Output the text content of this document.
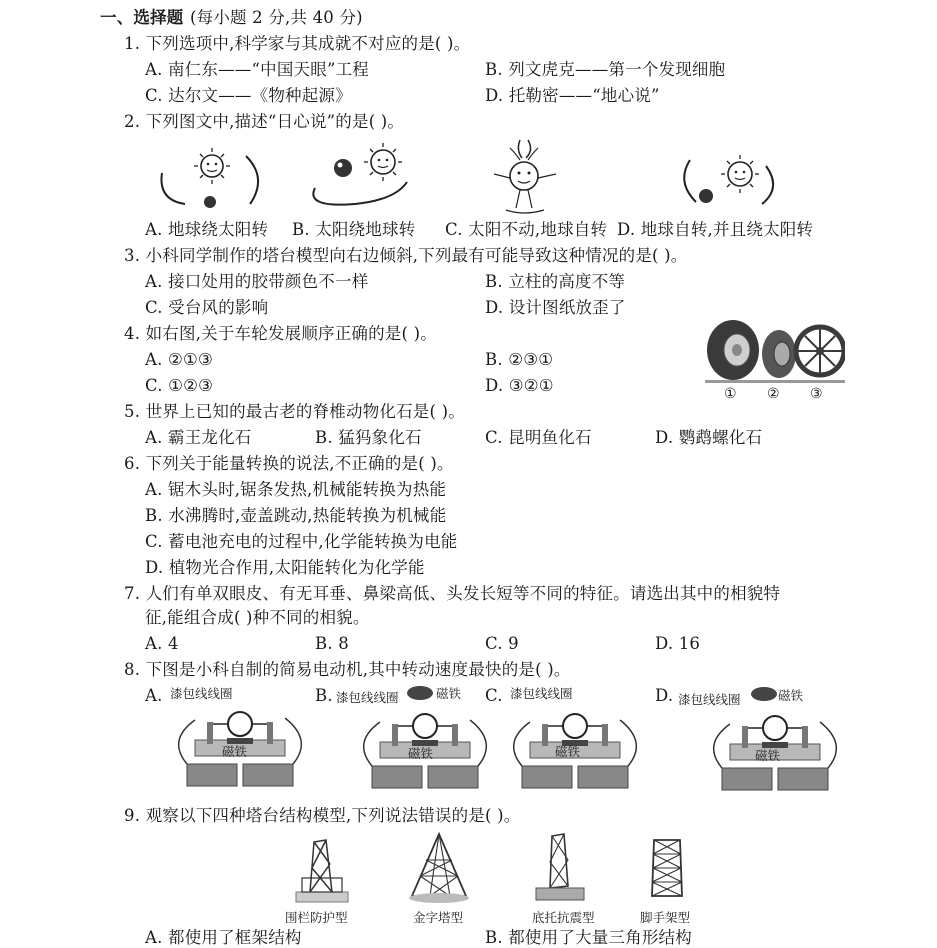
一、选择题 (每小题 2 分,共 40 分)
1. 下列选项中,科学家与其成就不对应的是( )。
A. 南仁东——“中国天眼”工程	B. 列文虎克——第一个发现细胞
C. 达尔文——《物种起源》	D. 托勒密——“地心说”
2. 下列图文中,描述“日心说”的是( )。
A. 地球绕太阳转 B. 太阳绕地球转 C. 太阳不动,地球自转 D. 地球自转,并且绕太阳转
3. 小科同学制作的塔台模型向右边倾斜,下列最有可能导致这种情况的是( )。
A. 接口处用的胶带颜色不一样	B. 立柱的高度不等
C. 受台风的影响	D. 设计图纸放歪了
4. 如右图,关于车轮发展顺序正确的是( )。
A. ②①③	B. ②③①
C. ①②③	D. ③②①	① ② ③
5. 世界上已知的最古老的脊椎动物化石是( )。
A. 霸王龙化石	B. 猛犸象化石	C. 昆明鱼化石	D. 鹦鹉螺化石
6. 下列关于能量转换的说法,不正确的是( )。
A. 锯木头时,锯条发热,机械能转换为热能
B. 水沸腾时,壶盖跳动,热能转换为机械能
C. 蓄电池充电的过程中,化学能转换为电能
D. 植物光合作用,太阳能转化为化学能
7. 人们有单双眼皮、有无耳垂、鼻梁高低、头发长短等不同的特征。请选出其中的相貌特
征,能组合成( )种不同的相貌。
A. 4	B. 8	C. 9	D. 16
8. 下图是小科自制的简易电动机,其中转动速度最快的是( )。
A. 漆包线线圈
磁铁
B. 漆包线线圈	磁铁
磁铁
C. 漆包线线圈
磁铁
D. 漆包线线圈	磁铁
磁铁
9. 观察以下四种塔台结构模型,下列说法错误的是( )。
围栏防护型	金字塔型	底托抗震型	脚手架型
A. 都使用了框架结构	B. 都使用了大量三角形结构
